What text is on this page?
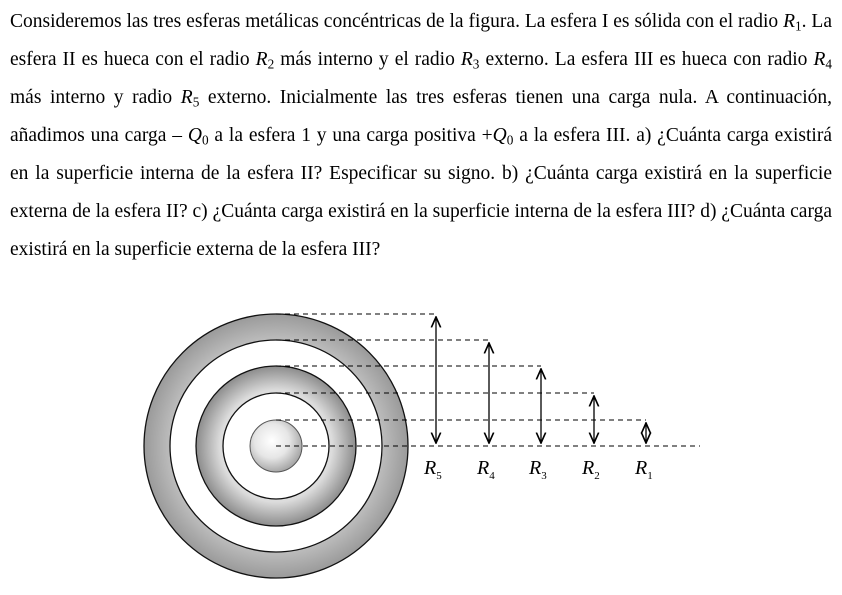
Consideremos las tres esferas metálicas concéntricas de la figura. La esfera I es sólida con el radio $R_1$. La esfera II es hueca con el radio $R_2$ más interno y el radio $R_3$ externo. La esfera III es hueca con radio $R_4$ más interno y radio $R_5$ externo. Inicialmente las tres esferas tienen una carga nula. A continuación, añadimos una carga – $Q_0$ a la esfera 1 y una carga positiva $+Q_0$ a la esfera III. a) ¿Cuánta carga existirá en la superficie interna de la esfera II? Especificar su signo. b) ¿Cuánta carga existirá en la superficie externa de la esfera II? c) ¿Cuánta carga existirá en la superficie interna de la esfera III? d) ¿Cuánta carga existirá en la superficie externa de la esfera III?
$R_5$ $R_4$ $R_3$ $R_2$ $R_1$
